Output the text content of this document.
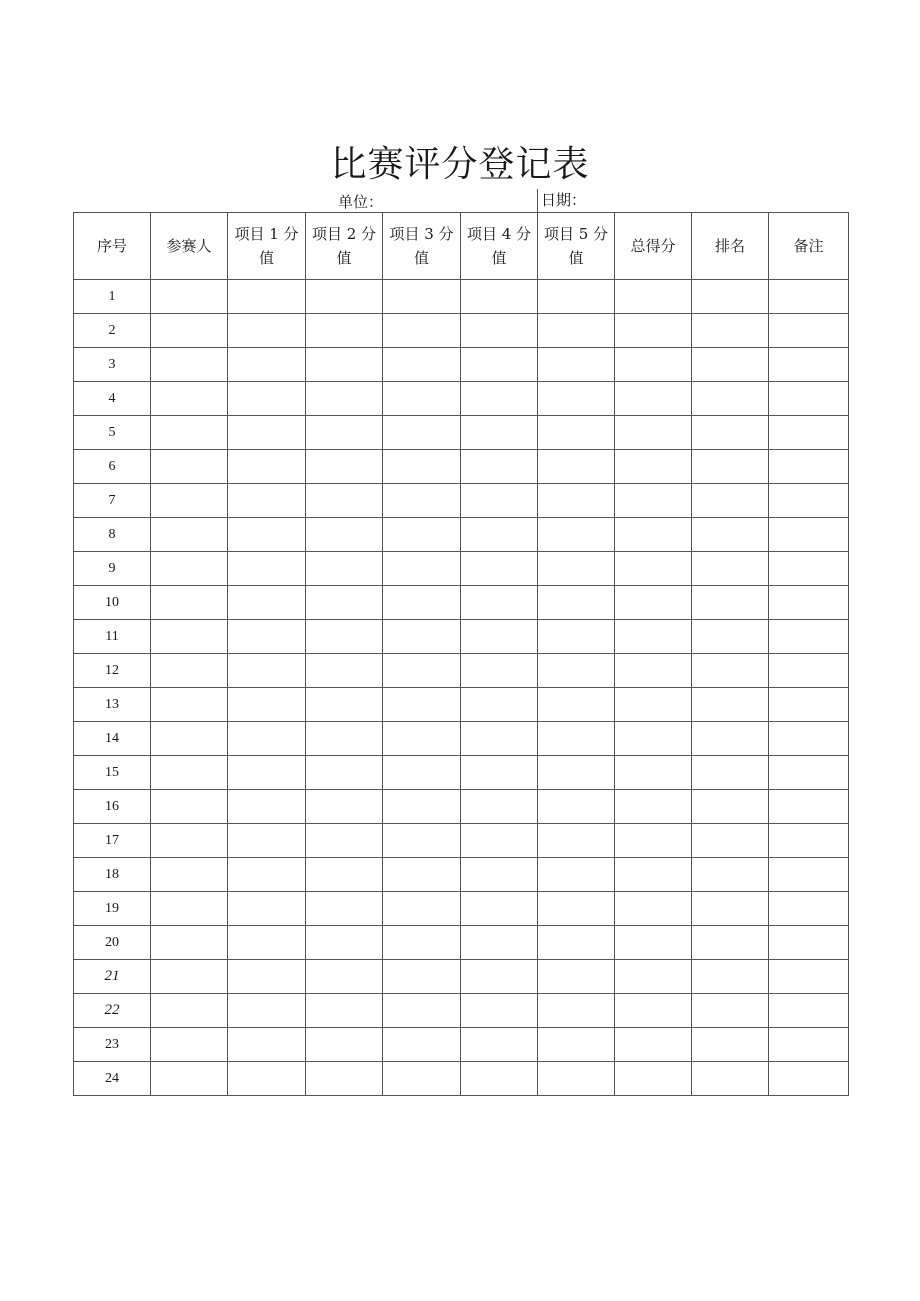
比赛评分登记表
单位：	日期：
序号	参赛人	项目 1 分值	项目 2 分值	项目 3 分值	项目 4 分值	项目 5 分值	总得分	排名	备注
1									
2									
3									
4									
5									
6									
7									
8									
9									
10									
11									
12									
13									
14									
15									
16									
17									
18									
19									
20									
21									
22									
23									
24									
